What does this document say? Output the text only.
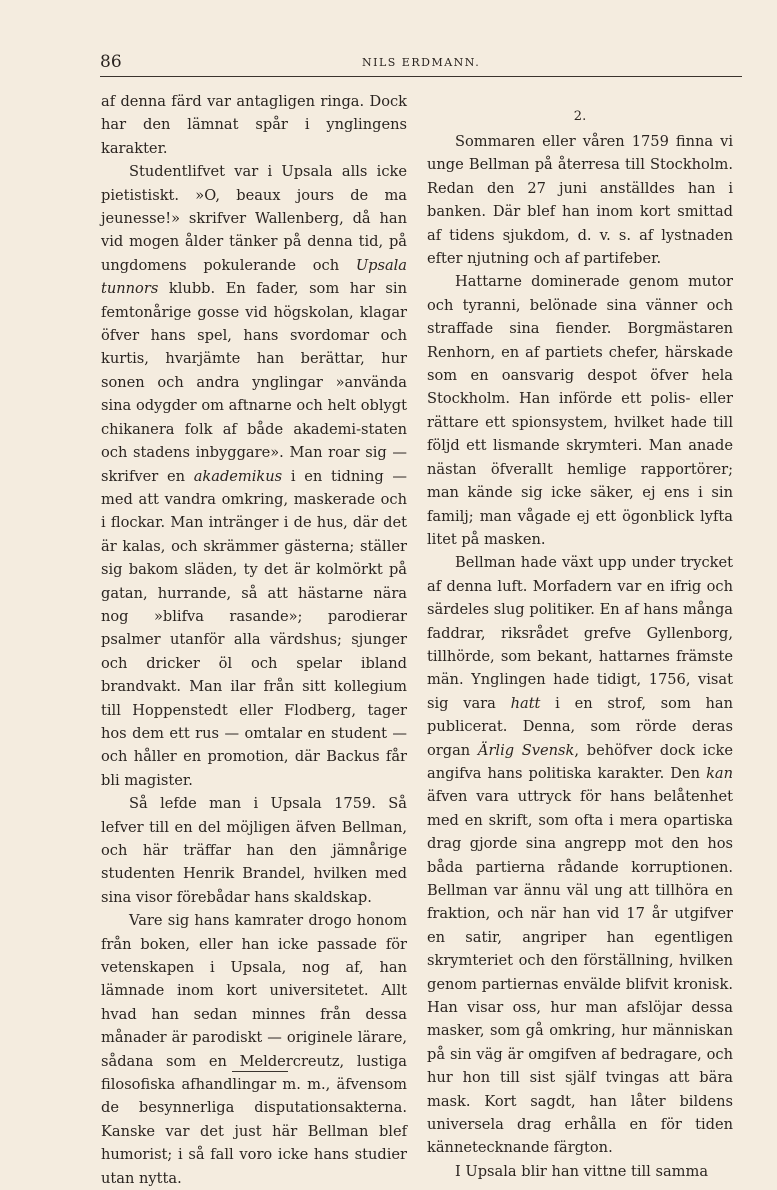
86	NILS ERDMANN.

af denna färd var antagligen ringa. Dock har den lämnat spår i ynglingens karakter.

Studentlifvet var i Upsala alls icke pietistiskt. »O, beaux jours de ma jeunesse!» skrifver Wallenberg, då han vid mogen ålder tänker på denna tid, på ungdomens pokulerande och Upsala tunnors klubb. En fader, som har sin femtonårige gosse vid högskolan, klagar öfver hans spel, hans svordomar och kurtis, hvarjämte han berättar, hur sonen och andra ynglingar »använda sina odygder om aftnarne och helt oblygt chikanera folk af både akademi-staten och stadens inbyggare». Man roar sig — skrifver en akademikus i en tidning — med att vandra omkring, maskerade och i flockar. Man intränger i de hus, där det är kalas, och skrämmer gästerna; ställer sig bakom släden, ty det är kolmörkt på gatan, hurrande, så att hästarne nära nog »blifva rasande»; parodierar psalmer utanför alla värdshus; sjunger och dricker öl och spelar ibland brandvakt. Man ilar från sitt kollegium till Hoppenstedt eller Flodberg, tager hos dem ett rus — omtalar en student — och håller en promotion, där Backus får bli magister.

Så lefde man i Upsala 1759. Så lefver till en del möjligen äfven Bellman, och här träffar han den jämnårige studenten Henrik Brandel, hvilken med sina visor förebådar hans skaldskap.

Vare sig hans kamrater drogo honom från boken, eller han icke passade för vetenskapen i Upsala, nog af, han lämnade inom kort universitetet. Allt hvad han sedan minnes från dessa månader är parodiskt — originele lärare, sådana som en Meldercreutz, lustiga filosofiska afhandlingar m. m., äfvensom de besynnerliga disputationsakterna. Kanske var det just här Bellman blef humorist; i så fall voro icke hans studier utan nytta.

2.

Sommaren eller våren 1759 finna vi unge Bellman på återresa till Stockholm. Redan den 27 juni anställdes han i banken. Där blef han inom kort smittad af tidens sjukdom, d. v. s. af lystnaden efter njutning och af partifeber.

Hattarne dominerade genom mutor och tyranni, belönade sina vänner och straffade sina fiender. Borgmästaren Renhorn, en af partiets chefer, härskade som en oansvarig despot öfver hela Stockholm. Han införde ett polis- eller rättare ett spionsystem, hvilket hade till följd ett lismande skrymteri. Man anade nästan öfverallt hemlige rapportörer; man kände sig icke säker, ej ens i sin familj; man vågade ej ett ögonblick lyfta litet på masken.

Bellman hade växt upp under trycket af denna luft. Morfadern var en ifrig och särdeles slug politiker. En af hans många faddrar, riksrådet grefve Gyllenborg, tillhörde, som bekant, hattarnes främste män. Ynglingen hade tidigt, 1756, visat sig vara hatt i en strof, som han publicerat. Denna, som rörde deras organ Ärlig Svensk, behöfver dock icke angifva hans politiska karakter. Den kan äfven vara uttryck för hans belåtenhet med en skrift, som ofta i mera opartiska drag gjorde sina angrepp mot den hos båda partierna rådande korruptionen. Bellman var ännu väl ung att tillhöra en fraktion, och när han vid 17 år utgifver en satir, angriper han egentligen skrymteriet och den förställning, hvilken genom partiernas envälde blifvit kronisk. Han visar oss, hur man afslöjar dessa masker, som gå omkring, hur människan på sin väg är omgifven af bedragare, och hur hon till sist själf tvingas att bära mask. Kort sagdt, han låter bildens universela drag erhålla en för tiden kännetecknande färgton.

I Upsala blir han vittne till samma
